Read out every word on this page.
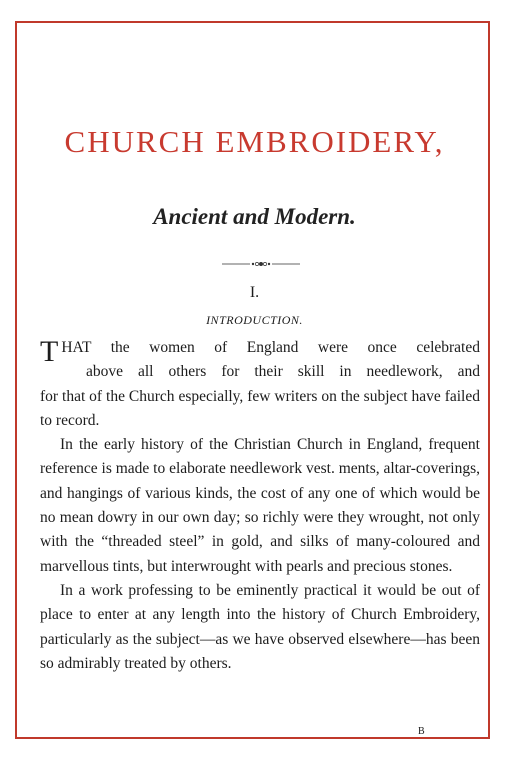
CHURCH EMBROIDERY,
Ancient and Modern.
I.
INTRODUCTION.

T HAT the women of England were once celebrated
above all others for their skill in needlework, and
for that of the Church especially, few writers on the subject have failed to record.

In the early history of the Christian Church in England, frequent reference is made to elaborate needlework vest. ments, altar-coverings, and hangings of various kinds, the cost of any one of which would be no mean dowry in our own day; so richly were they wrought, not only with the “threaded steel” in gold, and silks of many-coloured and marvellous tints, but interwrought with pearls and precious stones.

In a work professing to be eminently practical it would be out of place to enter at any length into the history of Church Embroidery, particularly as the subject—as we have observed elsewhere—has been so admirably treated by others.

B
